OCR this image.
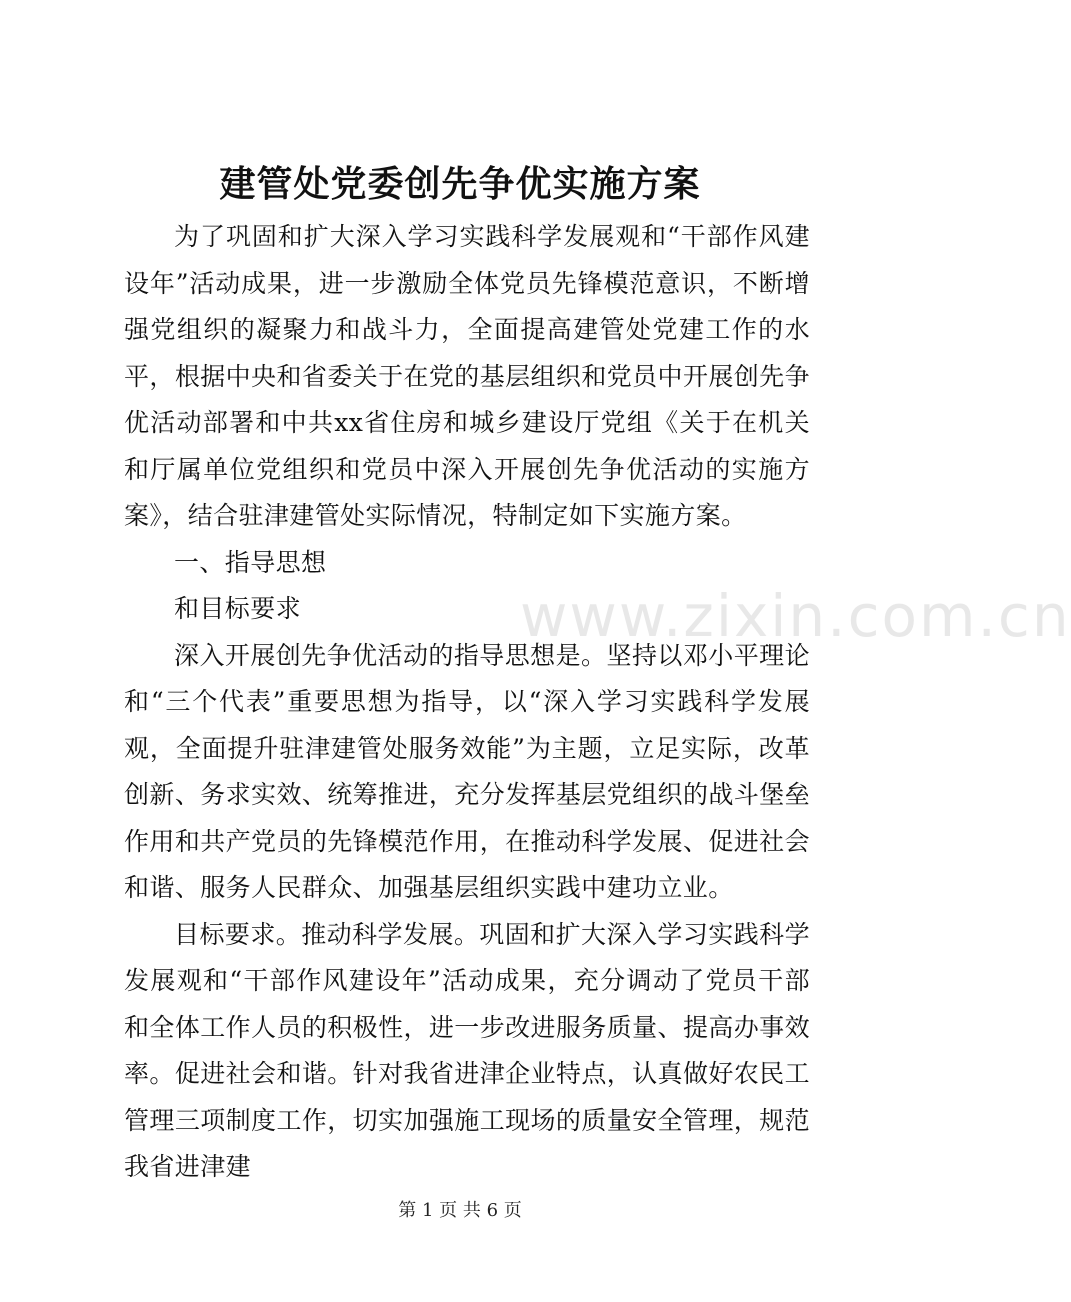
建管处党委创先争优实施方案

为了巩固和扩大深入学习实践科学发展观和“干部作风建设年”活动成果，进一步激励全体党员先锋模范意识，不断增强党组织的凝聚力和战斗力，全面提高建管处党建工作的水平，根据中央和省委关于在党的基层组织和党员中开展创先争优活动部署和中共xx省住房和城乡建设厅党组《关于在机关和厅属单位党组织和党员中深入开展创先争优活动的实施方案》，结合驻津建管处实际情况，特制定如下实施方案。

一、指导思想

和目标要求

深入开展创先争优活动的指导思想是。坚持以邓小平理论和“三个代表”重要思想为指导，以“深入学习实践科学发展观，全面提升驻津建管处服务效能”为主题，立足实际，改革创新、务求实效、统筹推进，充分发挥基层党组织的战斗堡垒作用和共产党员的先锋模范作用，在推动科学发展、促进社会和谐、服务人民群众、加强基层组织实践中建功立业。

目标要求。推动科学发展。巩固和扩大深入学习实践科学发展观和“干部作风建设年”活动成果，充分调动了党员干部和全体工作人员的积极性，进一步改进服务质量、提高办事效率。促进社会和谐。针对我省进津企业特点，认真做好农民工管理三项制度工作，切实加强施工现场的质量安全管理，规范我省进津建

www.zixin.com.cn
第 1 页 共 6 页
